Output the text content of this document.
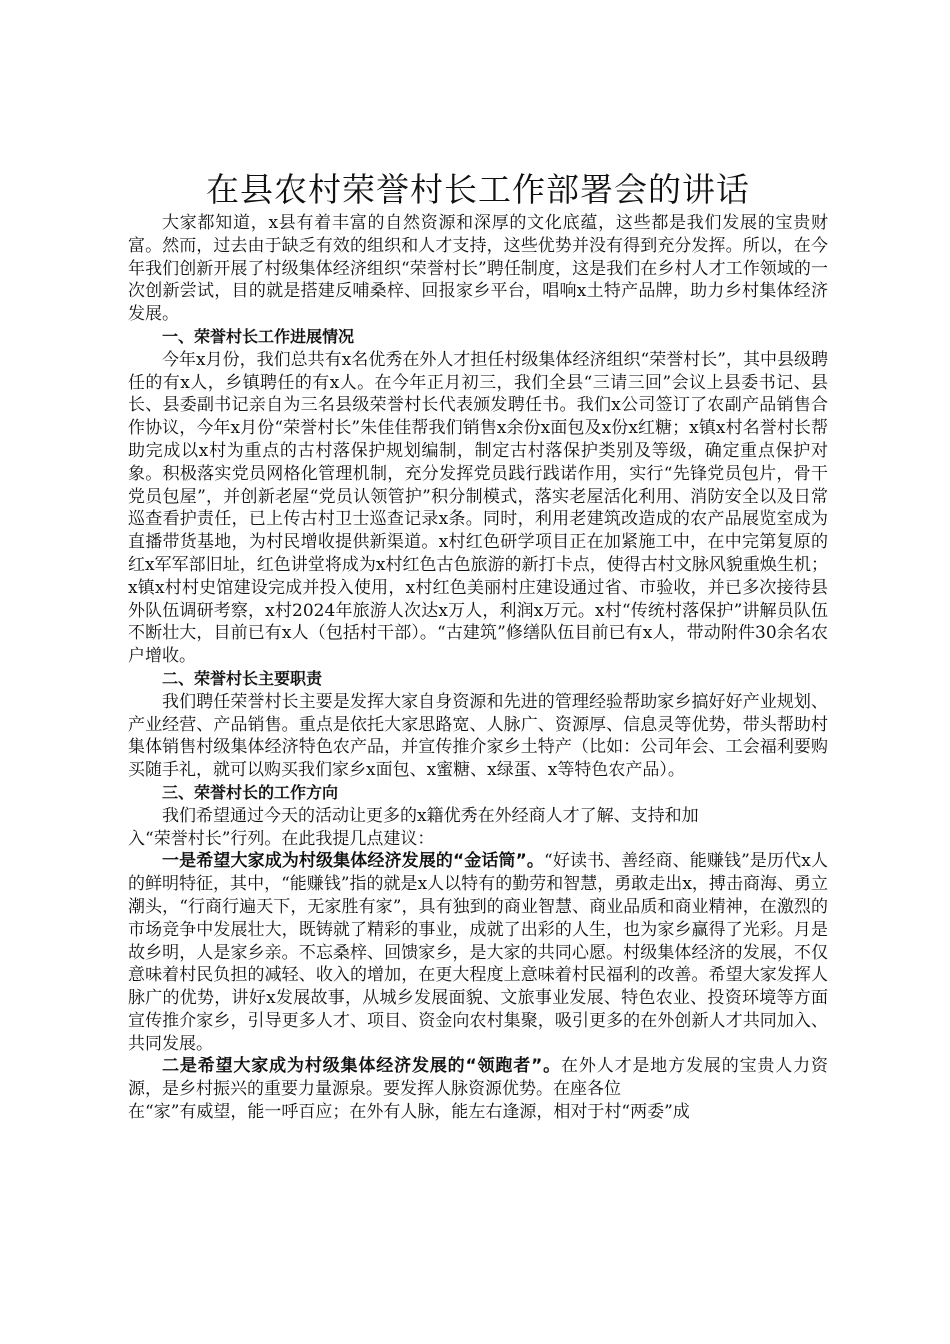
在县农村荣誉村长工作部署会的讲话

大家都知道，x县有着丰富的自然资源和深厚的文化底蕴，这些都是我们发展的宝贵财富。然而，过去由于缺乏有效的组织和人才支持，这些优势并没有得到充分发挥。所以，在今年我们创新开展了村级集体经济组织“荣誉村长”聘任制度，这是我们在乡村人才工作领域的一次创新尝试，目的就是搭建反哺桑梓、回报家乡平台，唱响x土特产品牌，助力乡村集体经济发展。

一、荣誉村长工作进展情况

今年x月份，我们总共有x名优秀在外人才担任村级集体经济组织“荣誉村长”，其中县级聘任的有x人，乡镇聘任的有x人。在今年正月初三，我们全县“三请三回”会议上县委书记、县长、县委副书记亲自为三名县级荣誉村长代表颁发聘任书。我们x公司签订了农副产品销售合作协议，今年x月份“荣誉村长”朱佳佳帮我们销售x余份x面包及x份x红糖；x镇x村名誉村长帮助完成以x村为重点的古村落保护规划编制，制定古村落保护类别及等级，确定重点保护对象。积极落实党员网格化管理机制，充分发挥党员践行践诺作用，实行“先锋党员包片，骨干党员包屋”，并创新老屋“党员认领管护”积分制模式，落实老屋活化利用、消防安全以及日常巡查看护责任，已上传古村卫士巡查记录x条。同时，利用老建筑改造成的农产品展览室成为直播带货基地，为村民增收提供新渠道。x村红色研学项目正在加紧施工中，在中完第复原的红x军军部旧址，红色讲堂将成为x村红色古色旅游的新打卡点，使得古村文脉风貌重焕生机；x镇x村村史馆建设完成并投入使用，x村红色美丽村庄建设通过省、市验收，并已多次接待县外队伍调研考察，x村2024年旅游人次达x万人，利润x万元。x村“传统村落保护”讲解员队伍不断壮大，目前已有x人（包括村干部）。“古建筑”修缮队伍目前已有x人，带动附件30余名农户增收。

二、荣誉村长主要职责

我们聘任荣誉村长主要是发挥大家自身资源和先进的管理经验帮助家乡搞好好产业规划、产业经营、产品销售。重点是依托大家思路宽、人脉广、资源厚、信息灵等优势，带头帮助村集体销售村级集体经济特色农产品，并宣传推介家乡土特产（比如：公司年会、工会福利要购买随手礼，就可以购买我们家乡x面包、x蜜糖、x绿蛋、x等特色农产品）。

三、荣誉村长的工作方向

我们希望通过今天的活动让更多的x籍优秀在外经商人才了解、支持和加

入“荣誉村长”行列。在此我提几点建议：

一是希望大家成为村级集体经济发展的“金话筒”。“好读书、善经商、能赚钱”是历代x人的鲜明特征，其中，“能赚钱”指的就是x人以特有的勤劳和智慧，勇敢走出x，搏击商海、勇立潮头，“行商行遍天下，无家胜有家”，具有独到的商业智慧、商业品质和商业精神，在激烈的市场竞争中发展壮大，既铸就了精彩的事业，成就了出彩的人生，也为家乡赢得了光彩。月是故乡明，人是家乡亲。不忘桑梓、回馈家乡，是大家的共同心愿。村级集体经济的发展，不仅意味着村民负担的减轻、收入的增加，在更大程度上意味着村民福利的改善。希望大家发挥人脉广的优势，讲好x发展故事，从城乡发展面貌、文旅事业发展、特色农业、投资环境等方面宣传推介家乡，引导更多人才、项目、资金向农村集聚，吸引更多的在外创新人才共同加入、共同发展。

二是希望大家成为村级集体经济发展的“领跑者”。在外人才是地方发展的宝贵人力资源，是乡村振兴的重要力量源泉。要发挥人脉资源优势。在座各位

在“家”有威望，能一呼百应；在外有人脉，能左右逢源，相对于村“两委”成
